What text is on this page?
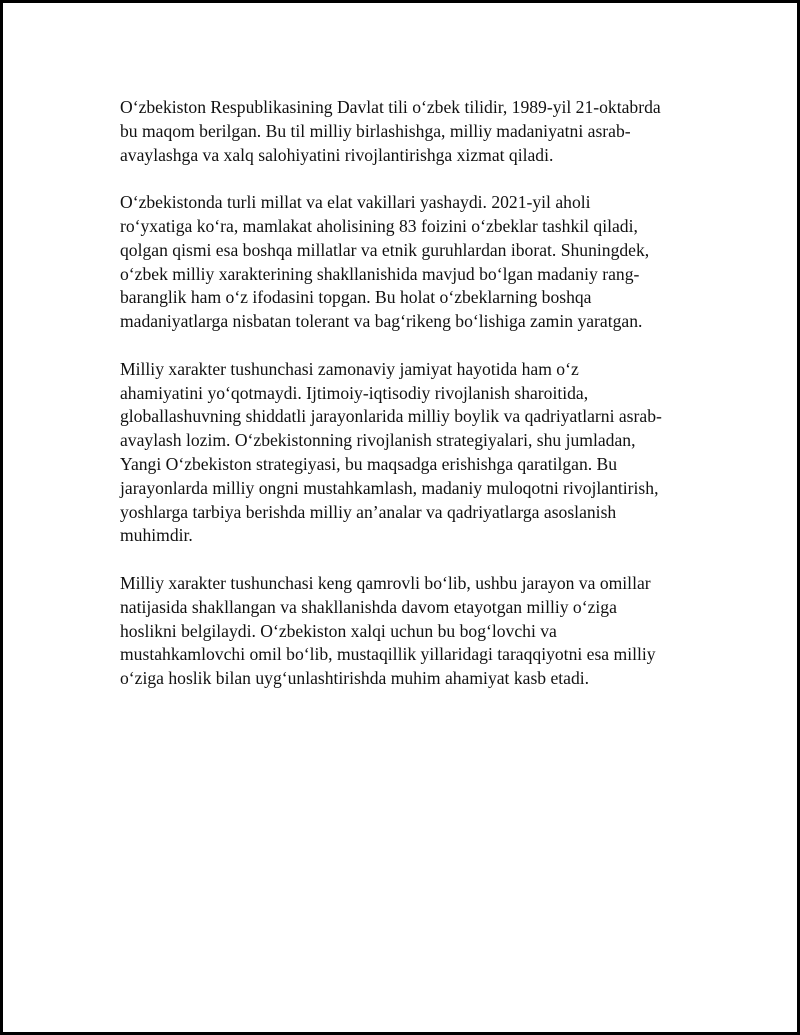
O‘zbekiston Respublikasining Davlat tili o‘zbek tilidir, 1989-yil 21-oktabrda
bu maqom berilgan. Bu til milliy birlashishga, milliy madaniyatni asrab-
avaylashga va xalq salohiyatini rivojlantirishga xizmat qiladi.

O‘zbekistonda turli millat va elat vakillari yashaydi. 2021-yil aholi
ro‘yxatiga ko‘ra, mamlakat aholisining 83 foizini o‘zbeklar tashkil qiladi,
qolgan qismi esa boshqa millatlar va etnik guruhlardan iborat. Shuningdek,
o‘zbek milliy xarakterining shakllanishida mavjud bo‘lgan madaniy rang-
baranglik ham o‘z ifodasini topgan. Bu holat o‘zbeklarning boshqa
madaniyatlarga nisbatan tolerant va bag‘rikeng bo‘lishiga zamin yaratgan.

Milliy xarakter tushunchasi zamonaviy jamiyat hayotida ham o‘z
ahamiyatini yo‘qotmaydi. Ijtimoiy-iqtisodiy rivojlanish sharoitida,
globallashuvning shiddatli jarayonlarida milliy boylik va qadriyatlarni asrab-
avaylash lozim. O‘zbekistonning rivojlanish strategiyalari, shu jumladan,
Yangi O‘zbekiston strategiyasi, bu maqsadga erishishga qaratilgan. Bu
jarayonlarda milliy ongni mustahkamlash, madaniy muloqotni rivojlantirish,
yoshlarga tarbiya berishda milliy an’analar va qadriyatlarga asoslanish
muhimdir.

Milliy xarakter tushunchasi keng qamrovli bo‘lib, ushbu jarayon va omillar
natijasida shakllangan va shakllanishda davom etayotgan milliy o‘ziga
hoslikni belgilaydi. O‘zbekiston xalqi uchun bu bog‘lovchi va
mustahkamlovchi omil bo‘lib, mustaqillik yillaridagi taraqqiyotni esa milliy
o‘ziga hoslik bilan uyg‘unlashtirishda muhim ahamiyat kasb etadi.
